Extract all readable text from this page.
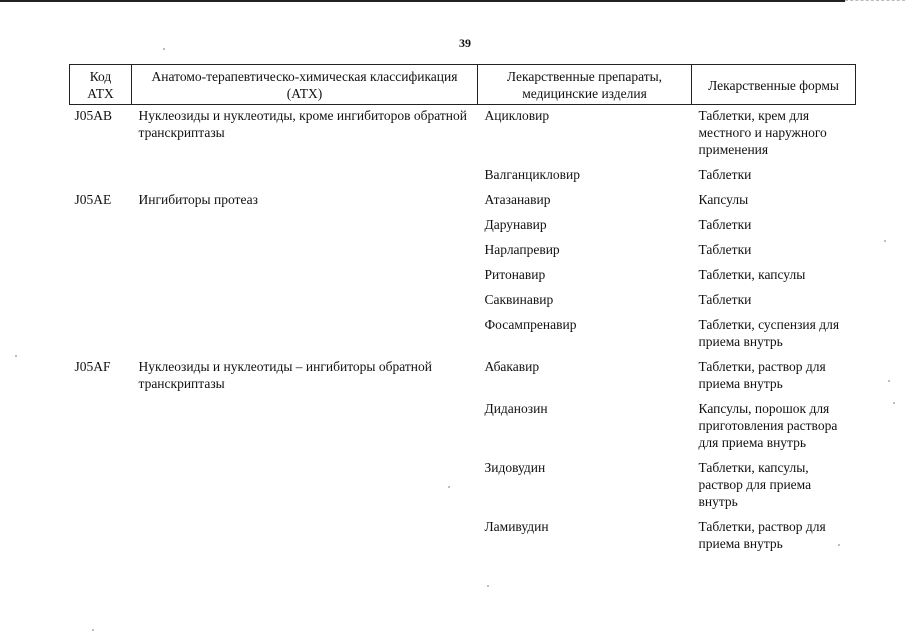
39
Код АТХ	Анатомо-терапевтическо-химическая классификация (АТХ)	Лекарственные препараты, медицинские изделия	Лекарственные формы
J05AB	Нуклеозиды и нуклеотиды, кроме ингибиторов обратной транскриптазы	Ацикловир	Таблетки, крем для местного и наружного применения
		Валганцикловир	Таблетки
J05AE	Ингибиторы протеаз	Атазанавир	Капсулы
		Дарунавир	Таблетки
		Нарлапревир	Таблетки
		Ритонавир	Таблетки, капсулы
		Саквинавир	Таблетки
		Фосампренавир	Таблетки, суспензия для приема внутрь
J05AF	Нуклеозиды и нуклеотиды – ингибиторы обратной транскриптазы	Абакавир	Таблетки, раствор для приема внутрь
		Диданозин	Капсулы, порошок для приготовления раствора для приема внутрь
		Зидовудин	Таблетки, капсулы, раствор для приема внутрь
		Ламивудин	Таблетки, раствор для приема внутрь
